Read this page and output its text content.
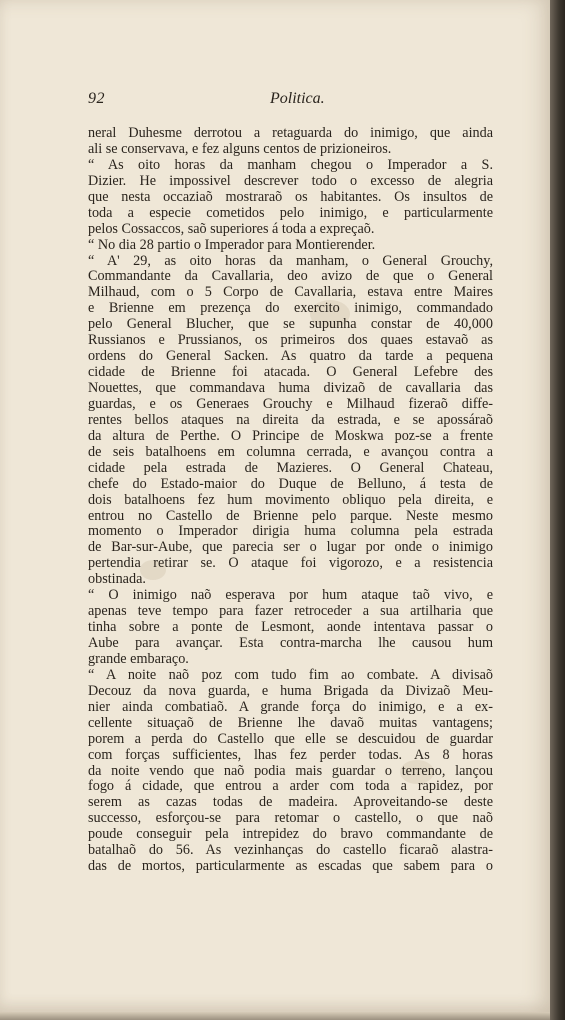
92	Politica.
neral Duhesme derrotou a retaguarda do inimigo, que ainda
ali se conservava, e fez alguns centos de prizioneiros.
“ As oito horas da manham chegou o Imperador a S.
Dizier. He impossivel descrever todo o excesso de alegria
que nesta occaziaõ mostraraõ os habitantes. Os insultos de
toda a especie cometidos pelo inimigo, e particularmente
pelos Cossaccos, saõ superiores á toda a expreçaõ.
“ No dia 28 partio o Imperador para Montierender.
“ A' 29, as oito horas da manham, o General Grouchy,
Commandante da Cavallaria, deo avizo de que o General
Milhaud, com o 5 Corpo de Cavallaria, estava entre Maires
e Brienne em prezença do exercito inimigo, commandado
pelo General Blucher, que se supunha constar de 40,000
Russianos e Prussianos, os primeiros dos quaes estavaõ as
ordens do General Sacken. As quatro da tarde a pequena
cidade de Brienne foi atacada. O General Lefebre des
Nouettes, que commandava huma divizaõ de cavallaria das
guardas, e os Generaes Grouchy e Milhaud fizeraõ diffe-
rentes bellos ataques na direita da estrada, e se apossáraõ
da altura de Perthe. O Principe de Moskwa poz-se a frente
de seis batalhoens em columna cerrada, e avançou contra a
cidade pela estrada de Mazieres. O General Chateau,
chefe do Estado-maior do Duque de Belluno, á testa de
dois batalhoens fez hum movimento obliquo pela direita, e
entrou no Castello de Brienne pelo parque. Neste mesmo
momento o Imperador dirigia huma columna pela estrada
de Bar-sur-Aube, que parecia ser o lugar por onde o inimigo
pertendia retirar se. O ataque foi vigorozo, e a resistencia
obstinada.
“ O inimigo naõ esperava por hum ataque taõ vivo, e
apenas teve tempo para fazer retroceder a sua artilharia que
tinha sobre a ponte de Lesmont, aonde intentava passar o
Aube para avançar. Esta contra-marcha lhe causou hum
grande embaraço.
“ A noite naõ poz com tudo fim ao combate. A divisaõ
Decouz da nova guarda, e huma Brigada da Divizaõ Meu-
nier ainda combatiaõ. A grande força do inimigo, e a ex-
cellente situaçaõ de Brienne lhe davaõ muitas vantagens;
porem a perda do Castello que elle se descuidou de guardar
com forças sufficientes, lhas fez perder todas. As 8 horas
da noite vendo que naõ podia mais guardar o terreno, lançou
fogo á cidade, que entrou a arder com toda a rapidez, por
serem as cazas todas de madeira. Aproveitando-se deste
successo, esforçou-se para retomar o castello, o que naõ
poude conseguir pela intrepidez do bravo commandante de
batalhaõ do 56. As vezinhanças do castello ficaraõ alastra-
das de mortos, particularmente as escadas que sabem para o
